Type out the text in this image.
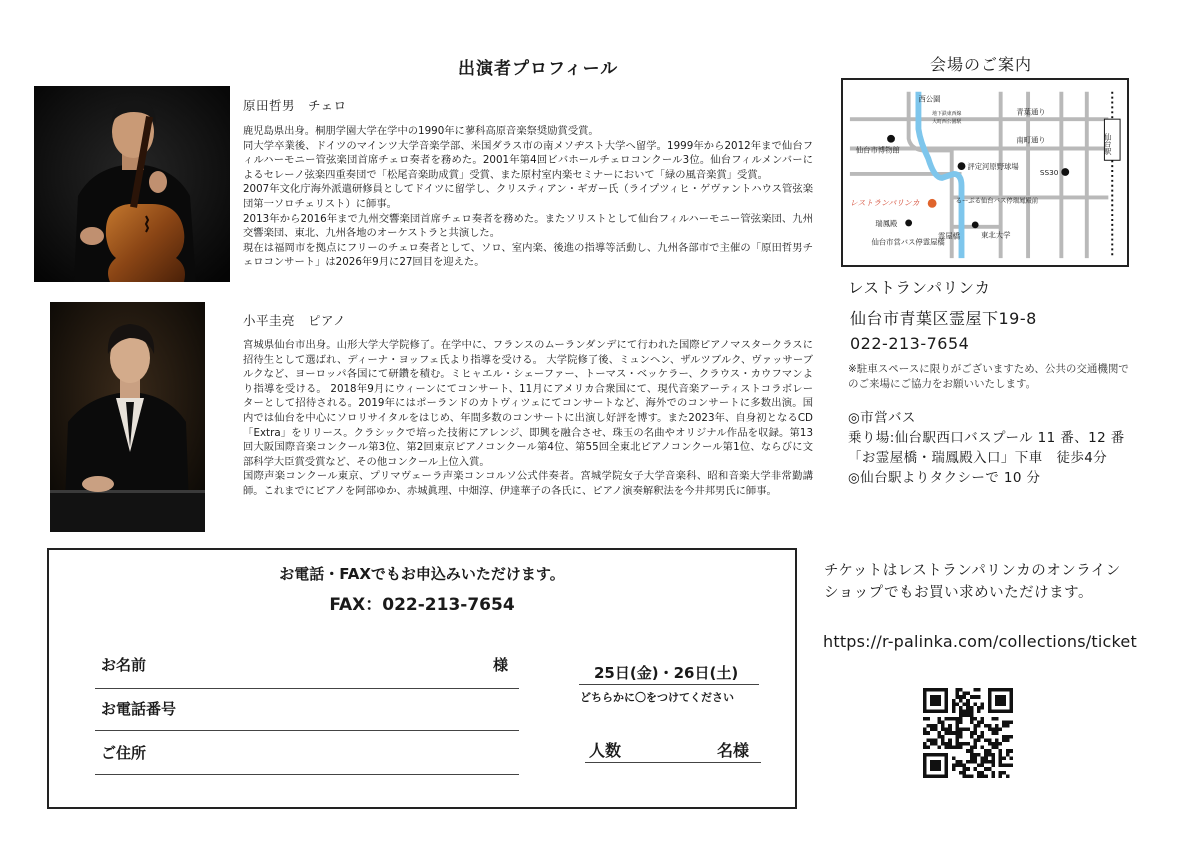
出演者プロフィール
原田哲男　チェロ

鹿児島県出身。桐朋学園大学在学中の1990年に蓼科高原音楽祭奨励賞受賞。

同大学卒業後、ドイツのマインツ大学音楽学部、米国ダラス市の南メソヂスト大学へ留学。1999年から2012年まで仙台フィルハーモニー管弦楽団首席チェロ奏者を務めた。2001年第4回ビバホールチェロコンクール3位。仙台フィルメンバーによるセレーノ弦楽四重奏団で「松尾音楽助成賞」受賞、また原村室内楽セミナーにおいて「緑の風音楽賞」受賞。

2007年文化庁海外派遣研修員としてドイツに留学し、クリスティアン・ギガー氏（ライプツィヒ・ゲヴァントハウス管弦楽団第一ソロチェリスト）に師事。

2013年から2016年まで九州交響楽団首席チェロ奏者を務めた。またソリストとして仙台フィルハーモニー管弦楽団、九州交響楽団、東北、九州各地のオーケストラと共演した。

現在は福岡市を拠点にフリーのチェロ奏者として、ソロ、室内楽、後進の指導等活動し、九州各部市で主催の「原田哲男チェロコンサート」は2026年9月に27回目を迎えた。

小平圭亮　ピアノ

宮城県仙台市出身。山形大学大学院修了。在学中に、フランスのムーランダンデにて行われた国際ピアノマスタークラスに招待生として選ばれ、ディーナ・ヨッフェ氏より指導を受ける。 大学院修了後、ミュンヘン、ザルツブルク、ヴァッサーブルクなど、ヨーロッパ各国にて研鑽を積む。ミヒャエル・シェーファー、トーマス・ベッケラー、クラウス・カウフマンより指導を受ける。 2018年9月にウィーンにてコンサート、11月にアメリカ合衆国にて、現代音楽アーティストコラボレーターとして招待される。2019年にはポーランドのカトヴィツェにてコンサートなど、海外でのコンサートに多数出演。国内では仙台を中心にソロリサイタルをはじめ、年間多数のコンサートに出演し好評を博す。また2023年、自身初となるCD「Extra」をリリース。クラシックで培った技術にアレンジ、即興を融合させ、珠玉の名曲やオリジナル作品を収録。第13回大阪国際音楽コンクール第3位、第2回東京ピアノコンクール第4位、第55回全東北ピアノコンクール第1位、ならびに文部科学大臣賞受賞など、その他コンクール上位入賞。

国際声楽コンクール東京、プリマヴェーラ声楽コンコルソ公式伴奏者。宮城学院女子大学音楽科、昭和音楽大学非常勤講師。これまでにピアノを阿部ゆか、赤城眞理、中畑淳、伊達華子の各氏に、ピアノ演奏解釈法を今井邦男氏に師事。

会場のご案内
仙台駅
西公園
地下鉄東西線
大町西公園駅
青葉通り
南町通り
仙台市博物館
評定河原野球場
SS30
レストランパリンカ	るーぷる仙台バス停瑞鳳殿前
瑞鳳殿
東北大学
霊屋橋
仙台市営バス停霊屋橋
レストランパリンカ
仙台市青葉区霊屋下19-8
022-213-7654
※駐車スペースに限りがございますため、公共の交通機関でのご来場にご協力をお願いいたします。
◎市営バス
乗り場:仙台駅西口バスプール 11 番、12 番
「お霊屋橋・瑞鳳殿入口」下車　徒歩4分
◎仙台駅よりタクシーで 10 分
お電話・FAXでもお申込みいただけます。
FAX：022-213-7654
お名前	様
お電話番号
ご住所
25日(金)・26日(土)
どちらかに〇をつけてください
人数	名様
チケットはレストランパリンカのオンライン
ショップでもお買い求めいただけます。
https://r-palinka.com/collections/ticket
